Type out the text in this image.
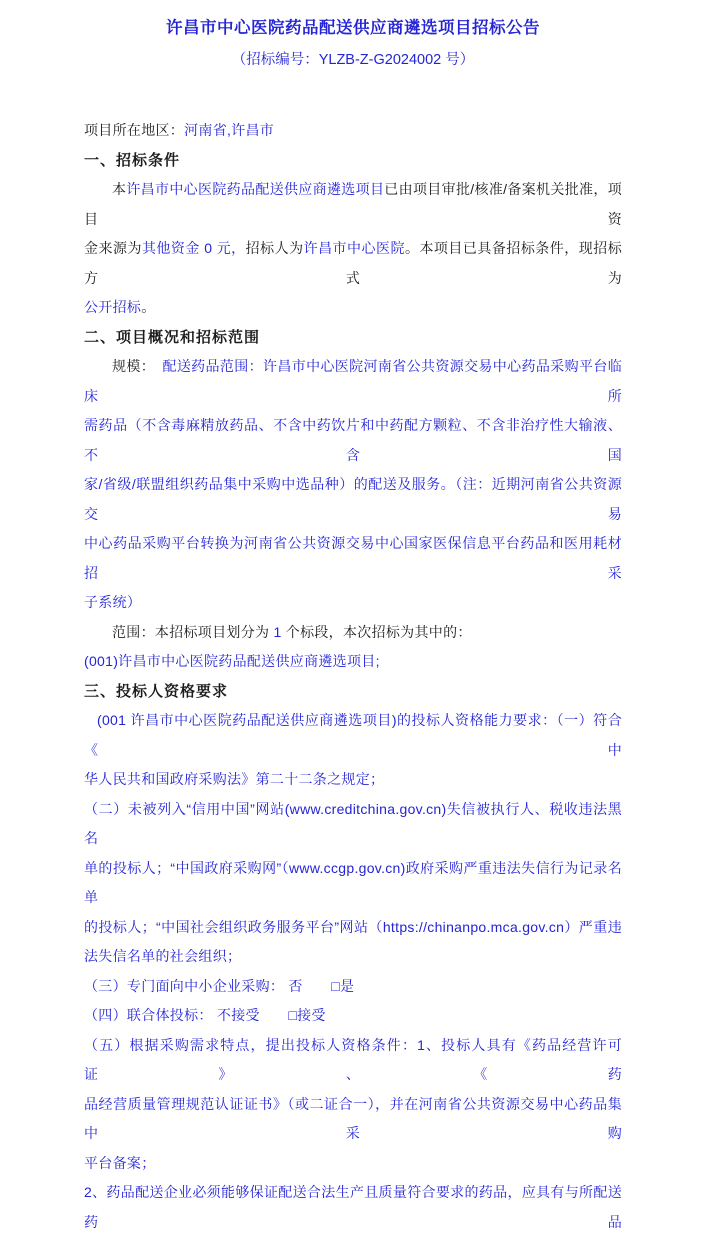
许昌市中心医院药品配送供应商遴选项目招标公告
（招标编号：YLZB-Z-G2024002 号）
项目所在地区：河南省,许昌市
一、招标条件
本许昌市中心医院药品配送供应商遴选项目已由项目审批/核准/备案机关批准，项目资
金来源为其他资金 0 元，招标人为许昌市中心医院。本项目已具备招标条件，现招标方式为
公开招标。
二、项目概况和招标范围
规模：　配送药品范围：许昌市中心医院河南省公共资源交易中心药品采购平台临床所
需药品（不含毒麻精放药品、不含中药饮片和中药配方颗粒、不含非治疗性大输液、不含国
家/省级/联盟组织药品集中采购中选品种）的配送及服务。（注：近期河南省公共资源交易
中心药品采购平台转换为河南省公共资源交易中心国家医保信息平台药品和医用耗材招采
子系统）
范围：本招标项目划分为 1 个标段，本次招标为其中的：
(001)许昌市中心医院药品配送供应商遴选项目;
三、投标人资格要求
(001 许昌市中心医院药品配送供应商遴选项目)的投标人资格能力要求：（一）符合《中
华人民共和国政府采购法》第二十二条之规定；
（二）未被列入“信用中国”网站(www.creditchina.gov.cn)失信被执行人、税收违法黑名
单的投标人；“中国政府采购网”（www.ccgp.gov.cn)政府采购严重违法失信行为记录名单
的投标人；“中国社会组织政务服务平台”网站（https://chinanpo.mca.gov.cn）严重违
法失信名单的社会组织；
（三）专门面向中小企业采购： 否　　□是
（四）联合体投标： 不接受　　□接受
（五）根据采购需求特点，提出投标人资格条件：1、投标人具有《药品经营许可证》、《药
品经营质量管理规范认证证书》（或二证合一），并在河南省公共资源交易中心药品集中采购
平台备案；
2、药品配送企业必须能够保证配送合法生产且质量符合要求的药品，应具有与所配送药品
